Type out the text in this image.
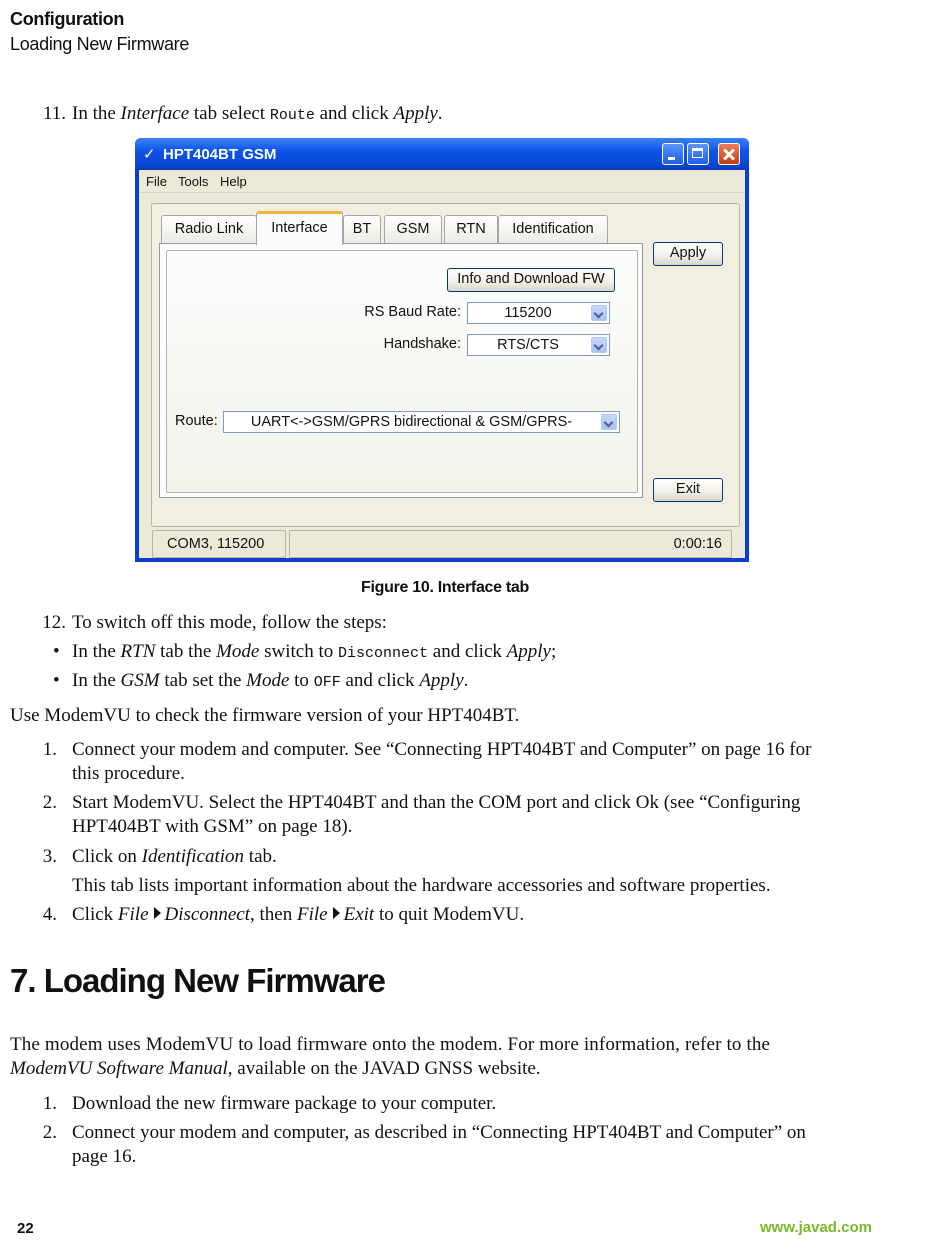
Configuration
Loading New Firmware
11. In the Interface tab select Route and click Apply.
✓ HPT404BT GSM
File Tools Help
Radio Link	Interface	BT	GSM	RTN	Identification
Info and Download FW
RS Baud Rate:	115200
Handshake:	RTS/CTS
Route:	UART<->GSM/GPRS bidirectional & GSM/GPRS-
Apply
Exit
COM3, 115200	0:00:16
Figure 10. Interface tab
12. To switch off this mode, follow the steps:
• In the RTN tab the Mode switch to Disconnect and click Apply;
• In the GSM tab set the Mode to OFF and click Apply.
Use ModemVU to check the firmware version of your HPT404BT.
1. Connect your modem and computer. See “Connecting HPT404BT and Computer” on page 16 for
this procedure.
2. Start ModemVU. Select the HPT404BT and than the COM port and click Ok (see “Configuring
HPT404BT with GSM” on page 18).
3. Click on Identification tab.
This tab lists important information about the hardware accessories and software properties.
4. Click File Disconnect, then File Exit to quit ModemVU.
7. Loading New Firmware
The modem uses ModemVU to load firmware onto the modem. For more information, refer to the
ModemVU Software Manual, available on the JAVAD GNSS website.
1. Download the new firmware package to your computer.
2. Connect your modem and computer, as described in “Connecting HPT404BT and Computer” on
page 16.
22	www.javad.com
